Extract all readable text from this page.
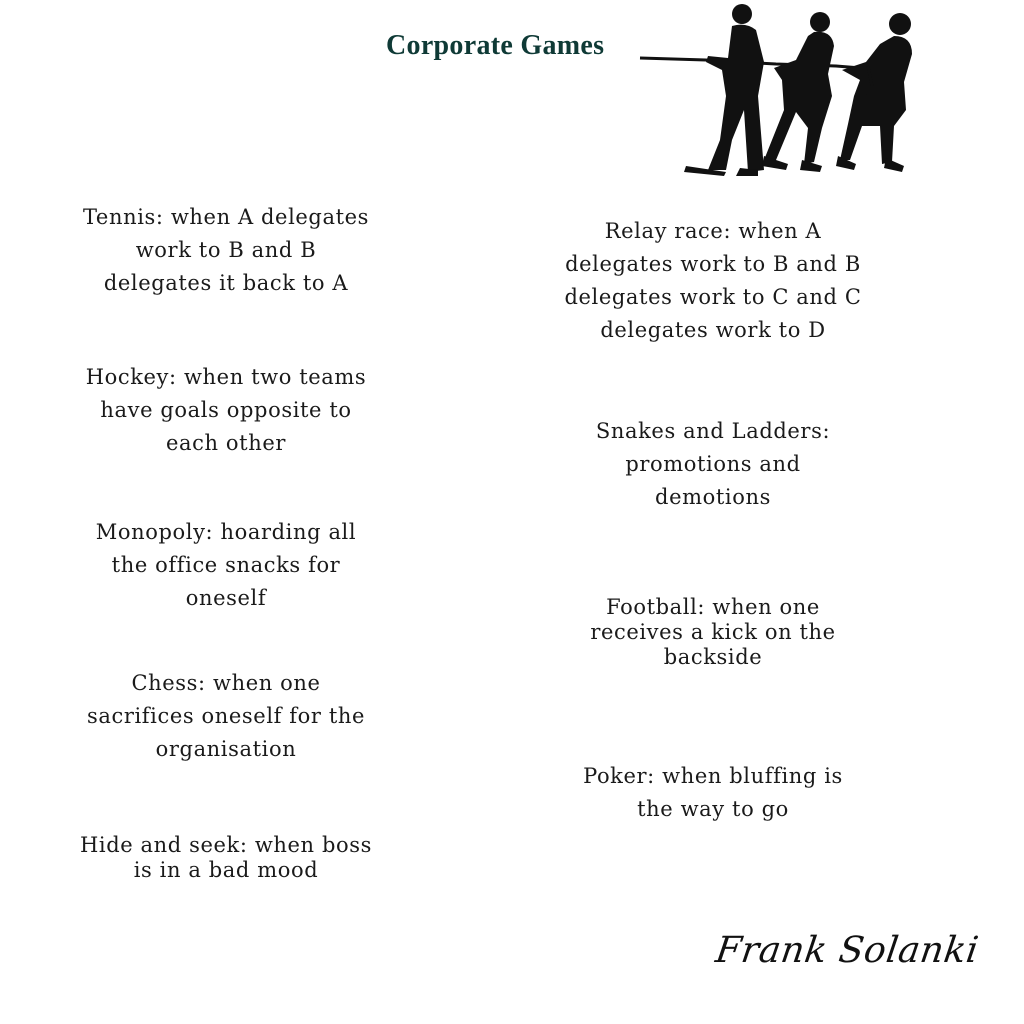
Corporate Games
Tennis: when A delegates
work to B and B
delegates it back to A
Hockey: when two teams
have goals opposite to
each other
Monopoly: hoarding all
the office snacks for
oneself
Chess: when one
sacrifices oneself for the
organisation
Hide and seek: when boss
is in a bad mood
Relay race: when A
delegates work to B and B
delegates work to C and C
delegates work to D
Snakes and Ladders:
promotions and
demotions
Football: when one
receives a kick on the
backside
Poker: when bluffing is
the way to go
Frank Solanki
